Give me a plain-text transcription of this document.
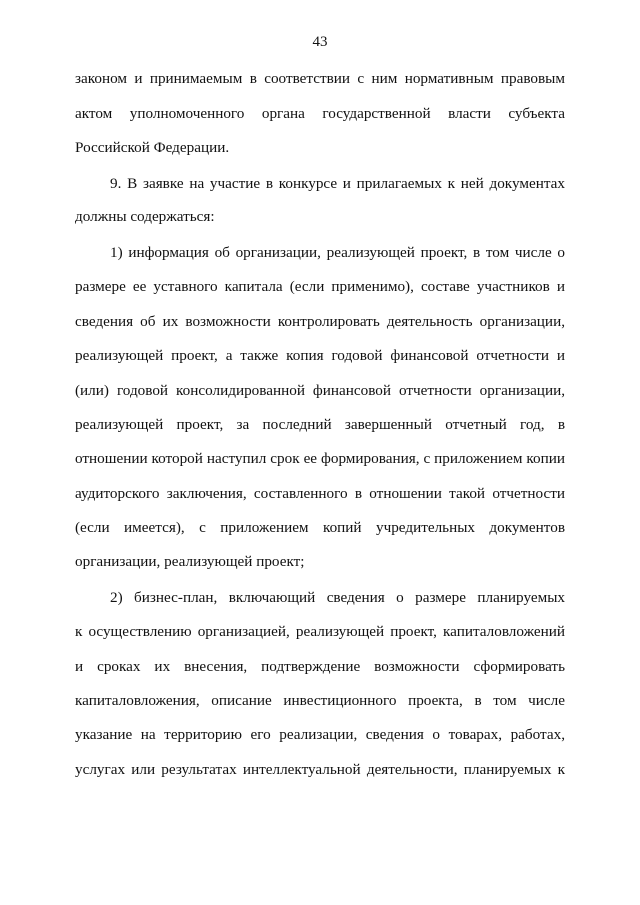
43
законом и принимаемым в соответствии с ним нормативным правовым
актом уполномоченного органа государственной власти субъекта
Российской Федерации.
9. В заявке на участие в конкурсе и прилагаемых к ней документах
должны содержаться:
1) информация об организации, реализующей проект, в том числе о
размере ее уставного капитала (если применимо), составе участников и
сведения об их возможности контролировать деятельность организации,
реализующей проект, а также копия годовой финансовой отчетности и
(или) годовой консолидированной финансовой отчетности организации,
реализующей проект, за последний завершенный отчетный год, в
отношении которой наступил срок ее формирования, с приложением копии
аудиторского заключения, составленного в отношении такой отчетности
(если имеется), с приложением копий учредительных документов
организации, реализующей проект;
2) бизнес-план, включающий сведения о размере планируемых
к осуществлению организацией, реализующей проект, капиталовложений
и сроках их внесения, подтверждение возможности сформировать
капиталовложения, описание инвестиционного проекта, в том числе
указание на территорию его реализации, сведения о товарах, работах,
услугах или результатах интеллектуальной деятельности, планируемых к
